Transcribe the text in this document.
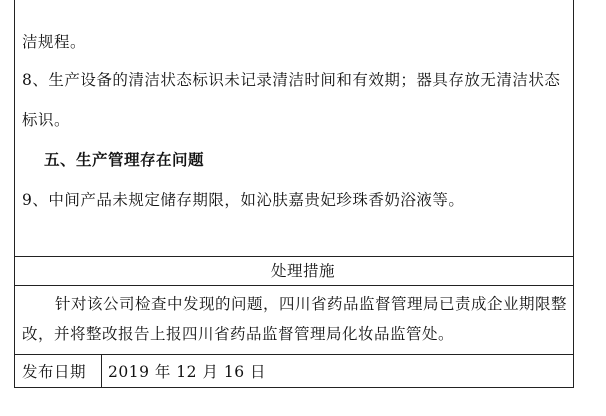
洁规程。
8、生产设备的清洁状态标识未记录清洁时间和有效期；器具存放无清洁状态
标识。
五、生产管理存在问题
9、中间产品未规定储存期限，如沁肤嘉贵妃珍珠香奶浴液等。
处理措施
针对该公司检查中发现的问题，四川省药品监督管理局已责成企业期限整
改，并将整改报告上报四川省药品监督管理局化妆品监管处。
发布日期 2019 年 12 月 16 日
